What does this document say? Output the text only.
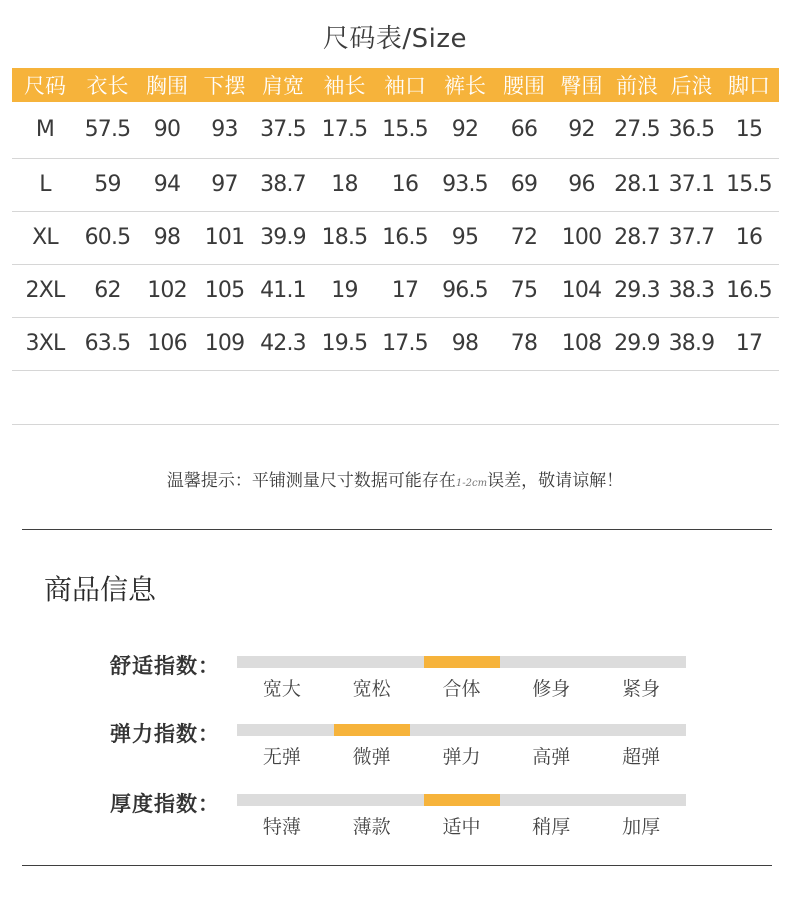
尺码表/Size
尺码	衣长	胸围	下摆	肩宽	袖长	袖口	裤长	腰围	臀围	前浪	后浪	脚口
M	57.5	90	93	37.5	17.5	15.5	92	66	92	27.5	36.5	15
L	59	94	97	38.7	18	16	93.5	69	96	28.1	37.1	15.5
XL	60.5	98	101	39.9	18.5	16.5	95	72	100	28.7	37.7	16
2XL	62	102	105	41.1	19	17	96.5	75	104	29.3	38.3	16.5
3XL	63.5	106	109	42.3	19.5	17.5	98	78	108	29.9	38.9	17
温馨提示：平铺测量尺寸数据可能存在1-2cm误差，敬请谅解！
商品信息
舒适指数：
宽大	宽松	合体	修身	紧身
弹力指数：
无弹	微弹	弹力	高弹	超弹
厚度指数：
特薄	薄款	适中	稍厚	加厚
